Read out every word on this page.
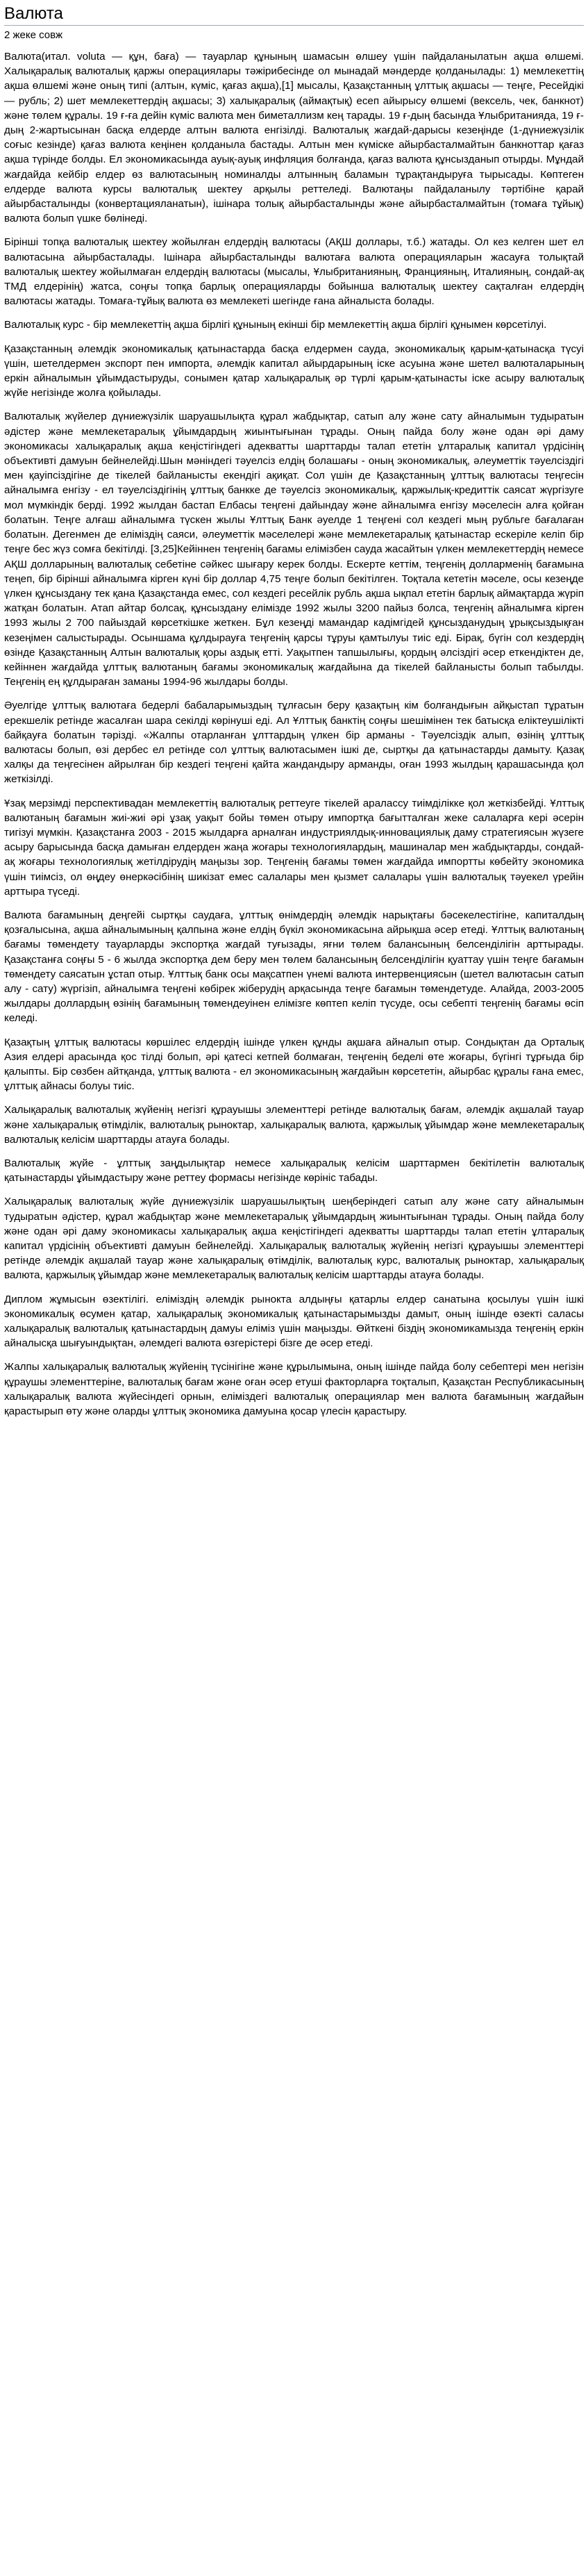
Валюта
2 жеке совж

Валюта(итал. voluta — құн, баға) — тауарлар құнының шамасын өлшеу үшін пайдаланылатын ақша өлшемі. Халықаралық валюталық қаржы операциялары тәжірибесінде ол мынадай мәндерде қолданылады: 1) мемлекеттің ақша өлшемі және оның типі (алтын, күміс, қағаз ақша),[1] мысалы, Қазақстанның ұлттық ақшасы — теңге, Ресейдікі — рубль; 2) шет мемлекеттердің ақшасы; 3) халықаралық (аймақтық) есеп айырысу өлшемі (вексель, чек, банкнот) және төлем құралы. 19 ғ-ға дейін күміс валюта мен биметаллизм кең тарады. 19 ғ-дың басында Ұлыбританияда, 19 ғ-дың 2-жартысынан басқа елдерде алтын валюта енгізілді. Валюталық жағдай-дарысы кезеңінде (1-дүниежүзілік соғыс кезінде) қағаз валюта кеңінен қолданыла бастады. Алтын мен күміске айырбасталмайтын банкноттар қағаз ақша түрінде болды. Ел экономикасында ауық-ауық инфляция болғанда, қағаз валюта құнсызданып отырды. Мұндай жағдайда кейбір елдер өз валютасының номиналды алтынның баламын тұрақтандыруға тырысады. Көптеген елдерде валюта курсы валюталық шектеу арқылы реттеледі. Валютаңы пайдаланылу тәртібіне қарай айырбасталынды (конвертацияланатын), ішінара толық айырбасталынды және айырбасталмайтын (томаға тұйық) валюта болып үшке бөлінеді.

Бірінші топқа валюталық шектеу жойылған елдердің валютасы (АҚШ доллары, т.б.) жатады. Ол кез келген шет ел валютасына айырбасталады. Ішінара айырбасталынды валютаға валюта операцияларын жасауға толықтай валюталық шектеу жойылмаған елдердің валютасы (мысалы, Ұлыбританияның, Францияның, Италияның, сондай-ақ ТМД елдерінің) жатса, соңғы топқа барлық операцияларды бойынша валюталық шектеу сақталған елдердің валютасы жатады. Томаға-тұйық валюта өз мемлекеті шегінде ғана айналыста болады.

Валюталық курс - бір мемлекеттің ақша бірлігі құнының екінші бір мемлекеттің ақша бірлігі құнымен көрсетілуі.

Қазақстанның әлемдік экономикалық қатынастарда басқа елдермен сауда, экономикалық қарым-қатынасқа түсуі үшін, шетелдермен экспорт пен импорта, әлемдік капитал айырдарының іске асуына және шетел валюталарының еркін айналымын ұйымдастыруды, сонымен қатар халықаралық әр түрлі қарым-қатынасты іске асыру валюталық жүйе негізінде жолға қойылады.

Валюталық жүйелер дүниежүзілік шаруашылықта құрал жабдықтар, сатып алу және сату айналымын тудыратын әдістер және мемлекетаралық ұйымдардың жиынтығынан тұрады. Оның пайда болу және одан әрі даму экономикасы халықаралық ақша кеңістігіндегі адекватты шарттарды талап ететін ұлтаралық капитал үрдісінің объективті дамуын бейнелейді.Шын мәніндегі тәуелсіз елдің болашағы - оның экономикалық, әлеуметтік тәуелсіздігі мен қауіпсіздігіне де тікелей байланысты екендігі ақиқат. Сол үшін де Қазақстанның ұлттық валютасы теңгесін айналымға енгізу - ел тәуелсіздігінің ұлттық банкке де тәуелсіз экономикалық, қаржылық-кредиттік саясат жүргізуге мол мүмкіндік берді. 1992 жылдан бастап Елбасы теңгені дайындау және айналымға енгізу мәселесін алға қойған болатын. Теңге алғаш айналымға түскен жылы Ұлттық Банк әуелде 1 теңгені сол кездегі мың рубльге бағалаған болатын. Дегенмен де еліміздің саяси, әлеуметтік мәселелері және мемлекетаралық қатынастар ескеріле келіп бір теңге бес жүз сомға бекітілді. [3,25]Кейіннен теңгенің бағамы елімізбен сауда жасайтын үлкен мемлекеттердің немесе АҚШ долларының валюталық себетіне сәйкес шығару керек болды. Ескерте кеттім, теңгенің долларменің бағамына теңеп, бір бірінші айналымға кірген күні бір доллар 4,75 теңге болып бекітілген. Тоқтала кететін мәселе, осы кезеңде үлкен құнсыздану тек қана Қазақстанда емес, сол кездегі ресейлік рубль ақша ықпал ететін барлық аймақтарда жүріп жатқан болатын. Атап айтар болсақ, құнсыздану елімізде 1992 жылы 3200 пайыз болса, теңгенің айналымға кірген 1993 жылы 2 700 пайыздай көрсеткішке жеткен. Бұл кезеңді мамандар кадімгідей құнсызданудың ұрықсыздықған кезеңімен салыстырады. Осыншама құлдырауға теңгенің қарсы тұруы қамтылуы тиіс еді. Бірақ, бүгін сол кездердің өзінде Қазақстанның Алтын валюталық қоры аздық етті. Уақытпен тапшылығы, қордың әлсіздігі әсер еткендіктен де, кейіннен жағдайда ұлттық валютаның бағамы экономикалық жағдайына да тікелей байланысты болып табылды. Теңгенің ең құлдыраған заманы 1994-96 жылдары болды.

Әуелгіде ұлттық валютаға бедерлі бабаларымыздың тұлғасын беру қазақтың кім болғандығын айқыстап тұратын ерекшелік ретінде жасалған шара секілді көрінуші еді. Ал Ұлттық банктің соңғы шешімінен тек батысқа еліктеушілікті байқауға болатын тәрізді. «Жалпы отарланған ұлттардың үлкен бір арманы - Тәуелсіздік алып, өзінің ұлттық валютасы болып, өзі дербес ел ретінде сол ұлттық валютасымен ішкі де, сыртқы да қатынастарды дамыту. Қазақ халқы да теңгесінен айрылған бір кездегі теңгені қайта жандандыру арманды, оған 1993 жылдың қарашасында қол жеткізілді.

Ұзақ мерзімді перспективадан мемлекеттің валюталық реттеуге тікелей аралассу тиімділікке қол жеткізбейді. Ұлттық валютаның бағамын жиі-жиі әрі ұзақ уақыт бойы төмен отыру импортқа бағытталған жеке салаларға кері әсерін тигізуі мүмкін. Қазақстанға 2003 - 2015 жылдарға арналған индустриялдық-инновациялық даму стратегиясын жүзеге асыру барысында басқа дамыған елдерден жаңа жоғары технологиялардың, машиналар мен жабдықтарды, сондай-ақ жоғары технологиялық жетілдірудің маңызы зор. Теңгенің бағамы төмен жағдайда импортты көбейту экономика үшін тиімсіз, ол өңдеу өнеркәсібінің шикізат емес салалары мен қызмет салалары үшін валюталық тәуекел үрейін арттыра түседі.

Валюта бағамының деңгейі сыртқы саудаға, ұлттық өнімдердің әлемдік нарықтағы бәсекелестігіне, капиталдың қозғалысына, ақша айналымының қалпына және елдің бүкіл экономикасына айрықша әсер етеді. Ұлттық валютаның бағамы төмендету тауарларды экспортқа жағдай туғызады, яғни төлем балансының белсенділігін арттырады. Қазақстанға соңғы 5 - 6 жылда экспортқа дем беру мен төлем балансының белсенділігін қуаттау үшін теңге бағамын төмендету саясатын ұстап отыр. Ұлттық банк осы мақсатпен үнемі валюта интервенциясын (шетел валютасын сатып алу - сату) жүргізіп, айналымға теңгені көбірек жіберудің арқасында теңге бағамын төмендетуде. Алайда, 2003-2005 жылдары доллардың өзінің бағамының төмендеуінен елімізге көптеп келіп түсуде, осы себепті теңгенің бағамы өсіп келеді.

Қазақтың ұлттық валютасы көршілес елдердің ішінде үлкен құнды ақшаға айналып отыр. Сондықтан да Орталық Азия елдері арасында қос тілді болып, әрі қатесі кетпей болмаған, теңгенің беделі өте жоғары, бүгінгі тұрғыда бір қалыпты. Бір сөзбен айтқанда, ұлттық валюта - ел экономикасының жағдайын көрсететін, айырбас құралы ғана емес, ұлттық айнасы болуы тиіс.

Халықаралық валюталық жүйенің негізгі құрауышы элементтері ретінде валюталық бағам, әлемдік ақшалай тауар және халықаралық өтімділік, валюталық рыноктар, халықаралық валюта, қаржылық ұйымдар және мемлекетаралық валюталық келісім шарттарды атауға болады.

Валюталық жүйе - ұлттық заңдылықтар немесе халықаралық келісім шарттармен бекітілетін валюталық қатынастарды ұйымдастыру және реттеу формасы негізінде көрініс табады.

Халықаралық валюталық жүйе дүниежүзілік шаруашылықтың шеңберіндегі сатып алу және сату айналымын тудыратын әдістер, құрал жабдықтар және мемлекетаралық ұйымдардың жиынтығынан тұрады. Оның пайда болу және одан әрі даму экономикасы халықаралық ақша кеңістігіндегі адекватты шарттарды талап ететін ұлтаралық капитал үрдісінің объективті дамуын бейнелейді. Халықаралық валюталық жүйенің негізгі құрауышы элементтері ретінде әлемдік ақшалай тауар және халықаралық өтімділік, валюталық курс, валюталық рыноктар, халықаралық валюта, қаржылық ұйымдар және мемлекетаралық валюталық келісім шарттарды атауға болады.

Диплом жұмысын өзектілігі. еліміздің әлемдік рынокта алдыңғы қатарлы елдер санатына қосылуы үшін ішкі экономикалық өсумен қатар, халықаралық экономикалық қатынастарымызды дамыт, оның ішінде өзекті саласы халықаралық валюталық қатынастардың дамуы еліміз үшін маңызды. Өйткені біздің экономикамызда теңгенің еркін айналысқа шығуындықтан, әлемдегі валюта өзгерістері бізге де әсер етеді.

Жалпы халықаралық валюталық жүйенің түсінігіне және құрылымына, оның ішінде пайда болу себептері мен негізін құраушы элементтеріне, валюталық бағам және оған әсер етуші факторларға тоқталып, Қазақстан Республикасының халықаралық валюта жүйесіндегі орнын, еліміздегі валюталық операциялар мен валюта бағамының жағдайын қарастырып өту және оларды ұлттық экономика дамуына қосар үлесін қарастыру.
